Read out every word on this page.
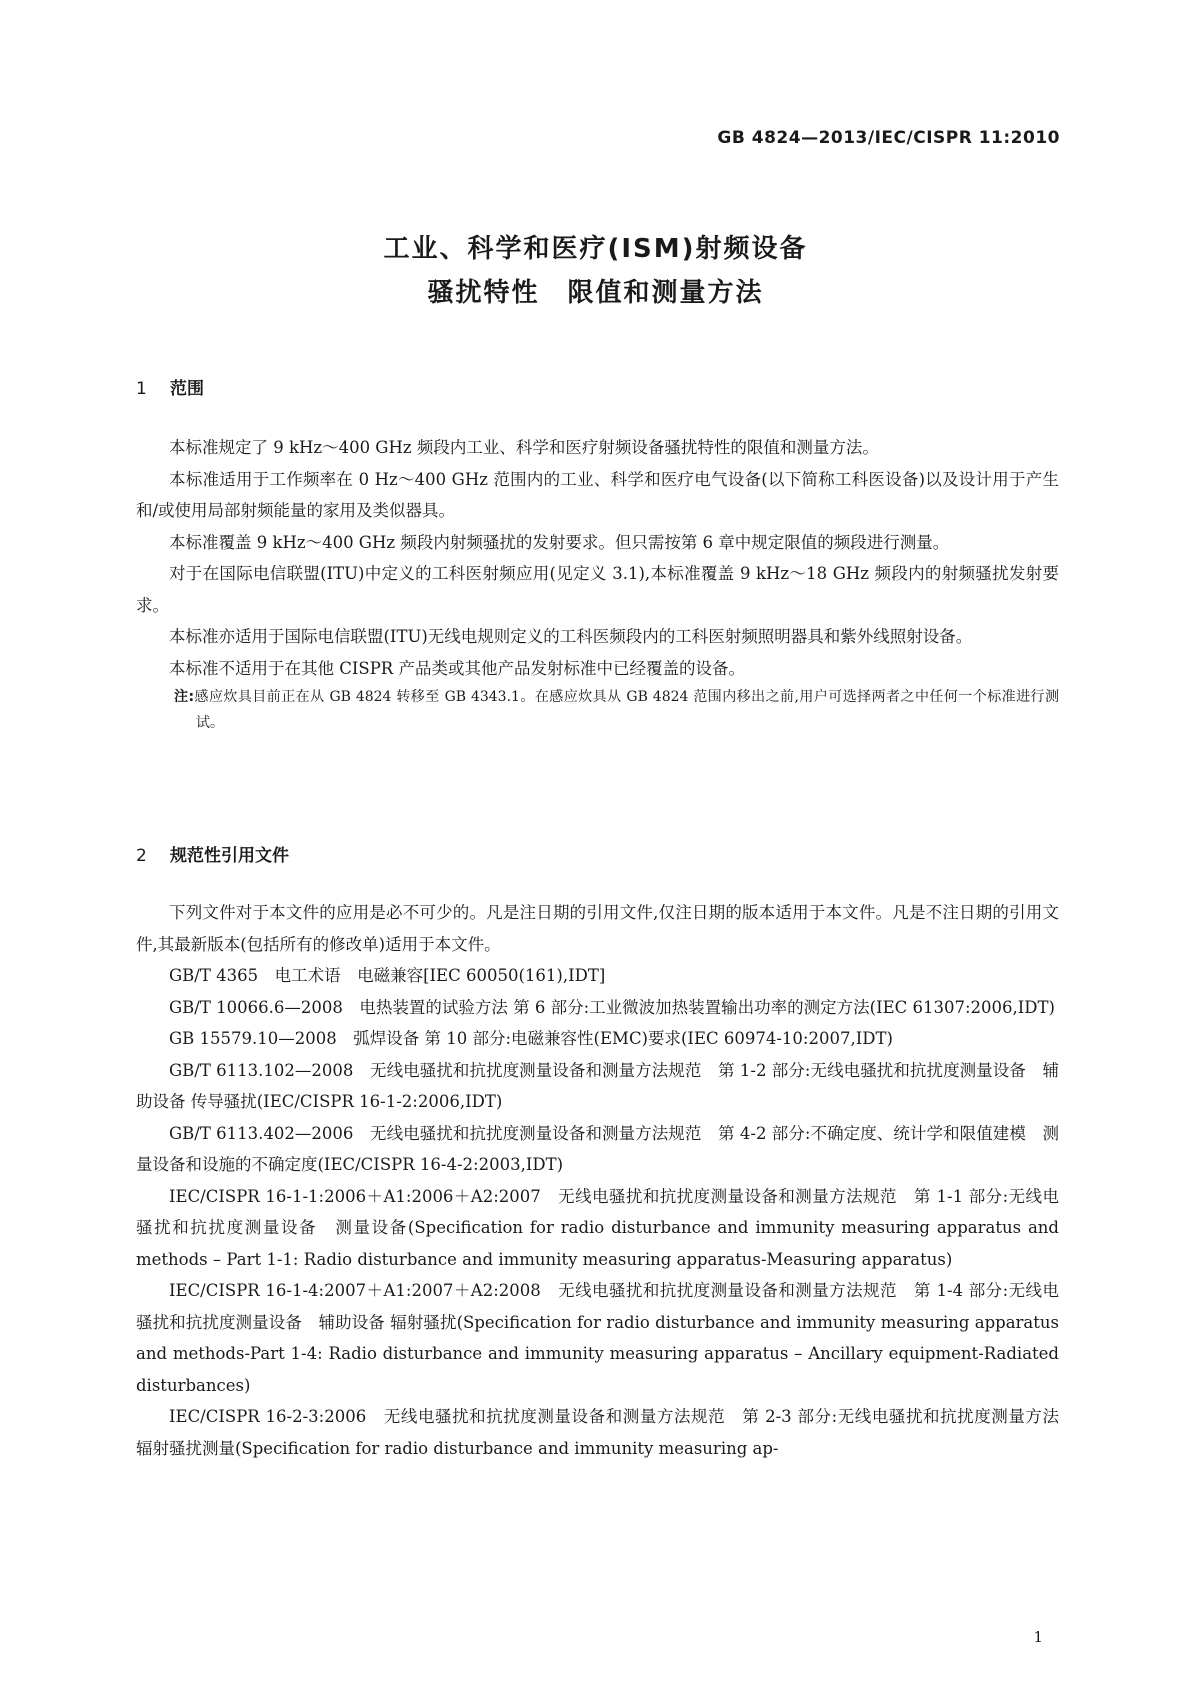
GB 4824—2013/IEC/CISPR 11:2010
工业、科学和医疗(ISM)射频设备
骚扰特性　限值和测量方法
1 范围

本标准规定了 9 kHz～400 GHz 频段内工业、科学和医疗射频设备骚扰特性的限值和测量方法。

本标准适用于工作频率在 0 Hz～400 GHz 范围内的工业、科学和医疗电气设备(以下简称工科医设备)以及设计用于产生和/或使用局部射频能量的家用及类似器具。

本标准覆盖 9 kHz～400 GHz 频段内射频骚扰的发射要求。但只需按第 6 章中规定限值的频段进行测量。

对于在国际电信联盟(ITU)中定义的工科医射频应用(见定义 3.1),本标准覆盖 9 kHz～18 GHz 频段内的射频骚扰发射要求。

本标准亦适用于国际电信联盟(ITU)无线电规则定义的工科医频段内的工科医射频照明器具和紫外线照射设备。

本标准不适用于在其他 CISPR 产品类或其他产品发射标准中已经覆盖的设备。

注:感应炊具目前正在从 GB 4824 转移至 GB 4343.1。在感应炊具从 GB 4824 范围内移出之前,用户可选择两者之中任何一个标准进行测试。

2 规范性引用文件

下列文件对于本文件的应用是必不可少的。凡是注日期的引用文件,仅注日期的版本适用于本文件。凡是不注日期的引用文件,其最新版本(包括所有的修改单)适用于本文件。

GB/T 4365　电工术语　电磁兼容[IEC 60050(161),IDT]

GB/T 10066.6—2008　电热装置的试验方法 第 6 部分:工业微波加热装置输出功率的测定方法(IEC 61307:2006,IDT)

GB 15579.10—2008　弧焊设备 第 10 部分:电磁兼容性(EMC)要求(IEC 60974-10:2007,IDT)

GB/T 6113.102—2008　无线电骚扰和抗扰度测量设备和测量方法规范　第 1-2 部分:无线电骚扰和抗扰度测量设备　辅助设备 传导骚扰(IEC/CISPR 16-1-2:2006,IDT)

GB/T 6113.402—2006　无线电骚扰和抗扰度测量设备和测量方法规范　第 4-2 部分:不确定度、统计学和限值建模　测量设备和设施的不确定度(IEC/CISPR 16-4-2:2003,IDT)

IEC/CISPR 16-1-1:2006＋A1:2006＋A2:2007　无线电骚扰和抗扰度测量设备和测量方法规范　第 1-1 部分:无线电骚扰和抗扰度测量设备　测量设备(Specification for radio disturbance and immunity measuring apparatus and methods – Part 1-1: Radio disturbance and immunity measuring apparatus-Measuring apparatus)

IEC/CISPR 16-1-4:2007＋A1:2007＋A2:2008　无线电骚扰和抗扰度测量设备和测量方法规范　第 1-4 部分:无线电骚扰和抗扰度测量设备　辅助设备 辐射骚扰(Specification for radio disturbance and immunity measuring apparatus and methods-Part 1-4: Radio disturbance and immunity measuring apparatus – Ancillary equipment-Radiated disturbances)

IEC/CISPR 16-2-3:2006　无线电骚扰和抗扰度测量设备和测量方法规范　第 2-3 部分:无线电骚扰和抗扰度测量方法　辐射骚扰测量(Specification for radio disturbance and immunity measuring ap-

1
